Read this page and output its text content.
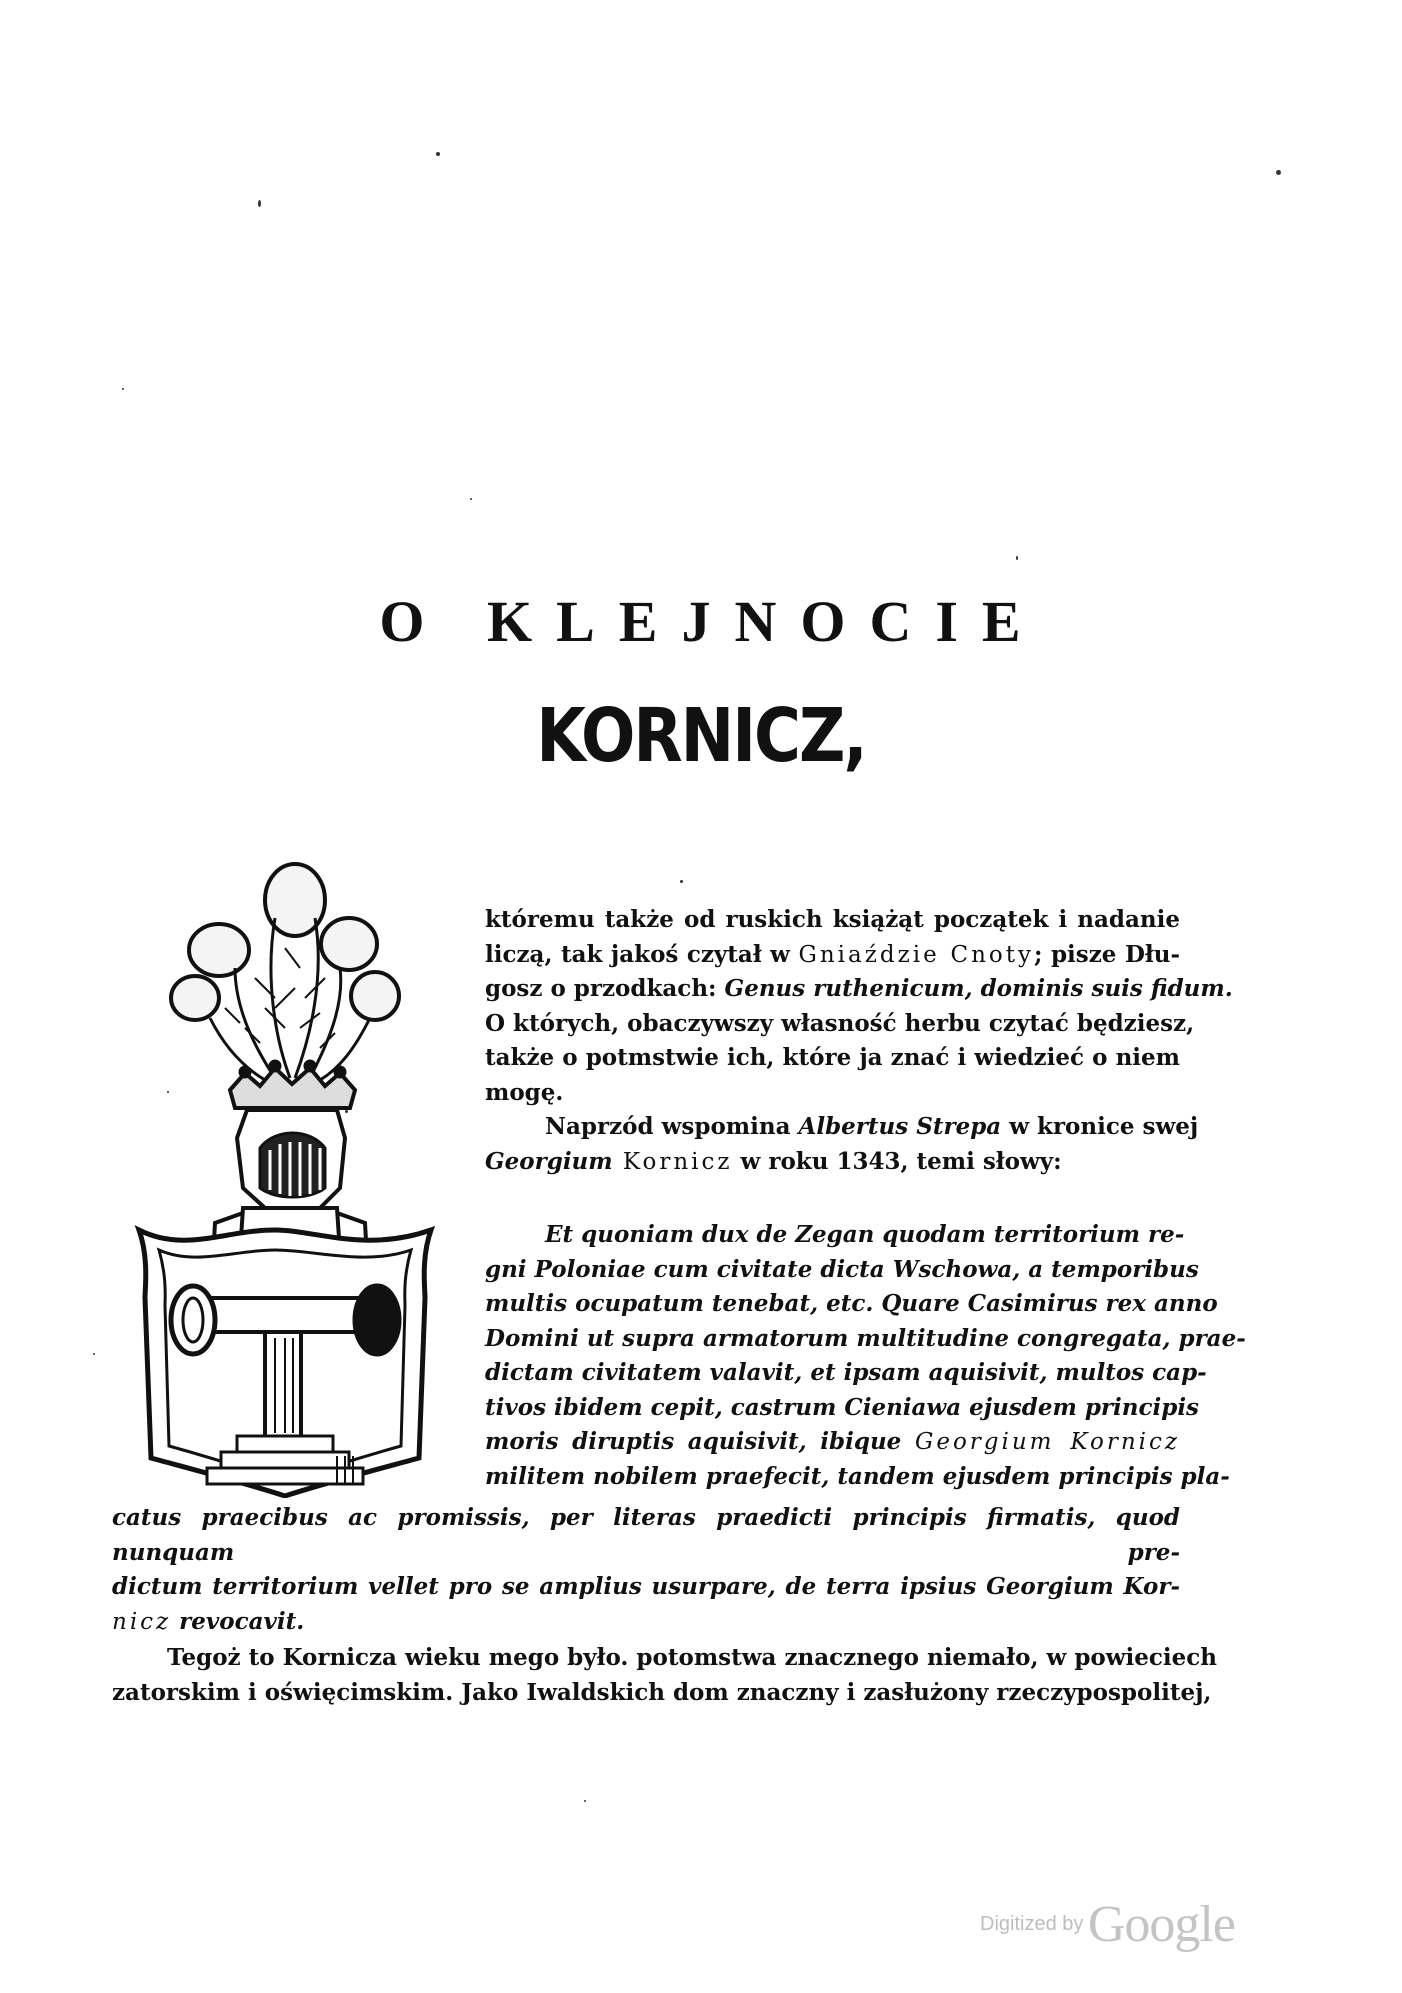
O KLEJNOCIE
KORNICZ,
któremu także od ruskich książąt początek i nadanie
liczą, tak jakoś czytał w Gniaździe Cnoty; pisze Dłu-
gosz o przodkach: Genus ruthenicum, dominis suis fidum.
O których, obaczywszy własność herbu czytać będziesz,
także o potmstwie ich, które ja znać i wiedzieć o niem
mogę.
Naprzód wspomina Albertus Strepa w kronice swej
Georgium Kornicz w roku 1343, temi słowy:
Et quoniam dux de Zegan quodam territorium re-
gni Poloniae cum civitate dicta Wschowa, a temporibus
multis ocupatum tenebat, etc. Quare Casimirus rex anno
Domini ut supra armatorum multitudine congregata, prae-
dictam civitatem valavit, et ipsam aquisivit, multos cap-
tivos ibidem cepit, castrum Cieniawa ejusdem principis
moris diruptis aquisivit, ibique Georgium Kornicz
militem nobilem praefecit, tandem ejusdem principis pla-
catus praecibus ac promissis, per literas praedicti principis firmatis, quod nunquam pre-
dictum territorium vellet pro se amplius usurpare, de terra ipsius Georgium Kor-
nicz revocavit.
Tegoż to Kornicza wieku mego było. potomstwa znacznego niemało, w powieciech
zatorskim i oświęcimskim. Jako Iwaldskich dom znaczny i zasłużony rzeczypospolitej,
Digitized by Google
